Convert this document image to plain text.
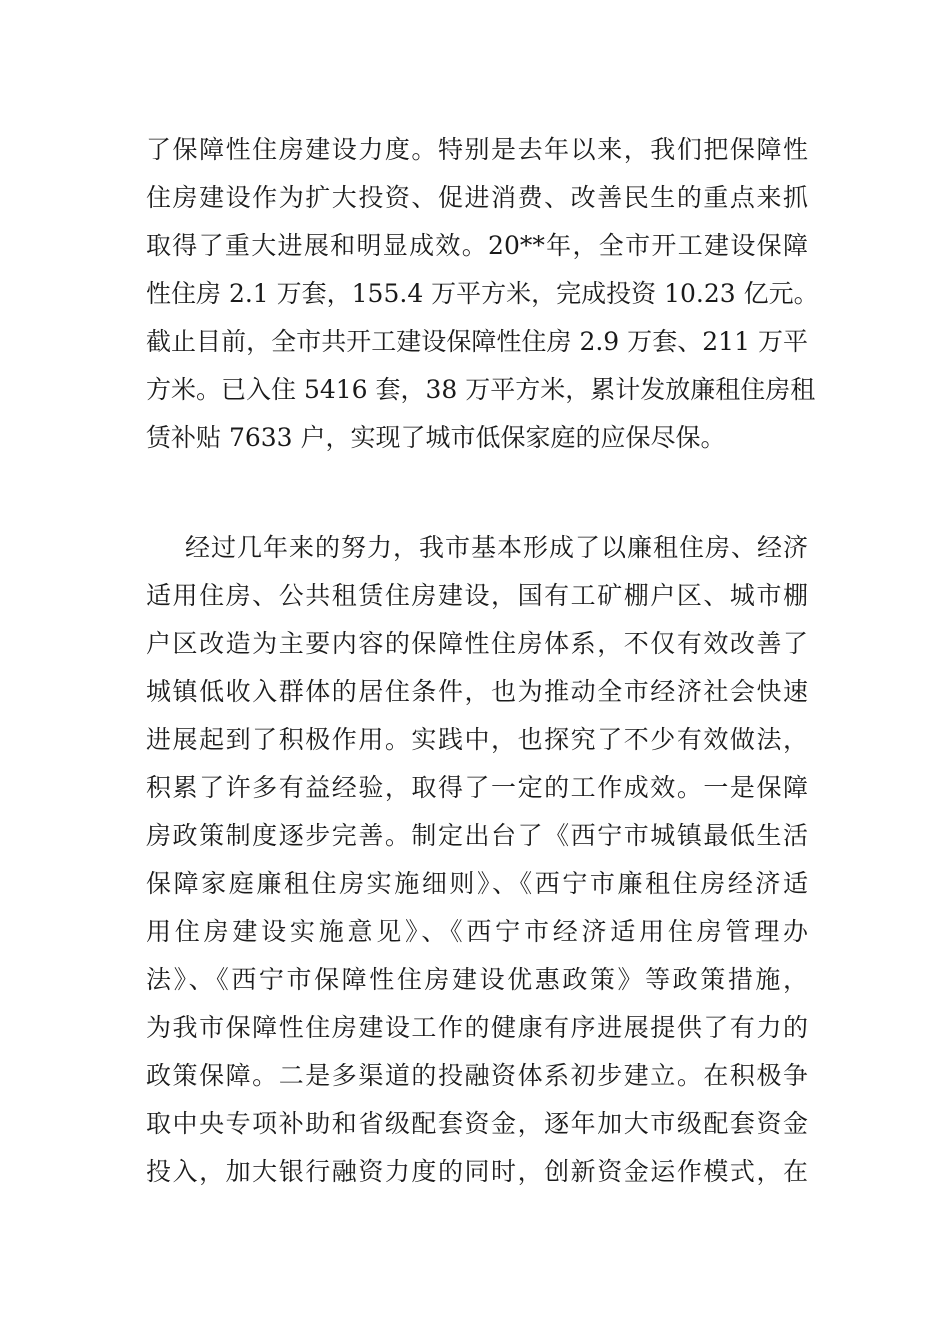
了保障性住房建设力度。特别是去年以来，我们把保障性
住房建设作为扩大投资、促进消费、改善民生的重点来抓
取得了重大进展和明显成效。20**年，全市开工建设保障
性住房 2.1 万套，155.4 万平方米，完成投资 10.23 亿元。
截止目前，全市共开工建设保障性住房 2.9 万套、211 万平
方米。已入住 5416 套，38 万平方米，累计发放廉租住房租
赁补贴 7633 户，实现了城市低保家庭的应保尽保。
经过几年来的努力，我市基本形成了以廉租住房、经济
适用住房、公共租赁住房建设，国有工矿棚户区、城市棚
户区改造为主要内容的保障性住房体系，不仅有效改善了
城镇低收入群体的居住条件，也为推动全市经济社会快速
进展起到了积极作用。实践中，也探究了不少有效做法，
积累了许多有益经验，取得了一定的工作成效。一是保障
房政策制度逐步完善。制定出台了《西宁市城镇最低生活
保障家庭廉租住房实施细则》、《西宁市廉租住房经济适
用住房建设实施意见》、《西宁市经济适用住房管理办
法》、《西宁市保障性住房建设优惠政策》等政策措施，
为我市保障性住房建设工作的健康有序进展提供了有力的
政策保障。二是多渠道的投融资体系初步建立。在积极争
取中央专项补助和省级配套资金，逐年加大市级配套资金
投入，加大银行融资力度的同时，创新资金运作模式，在
